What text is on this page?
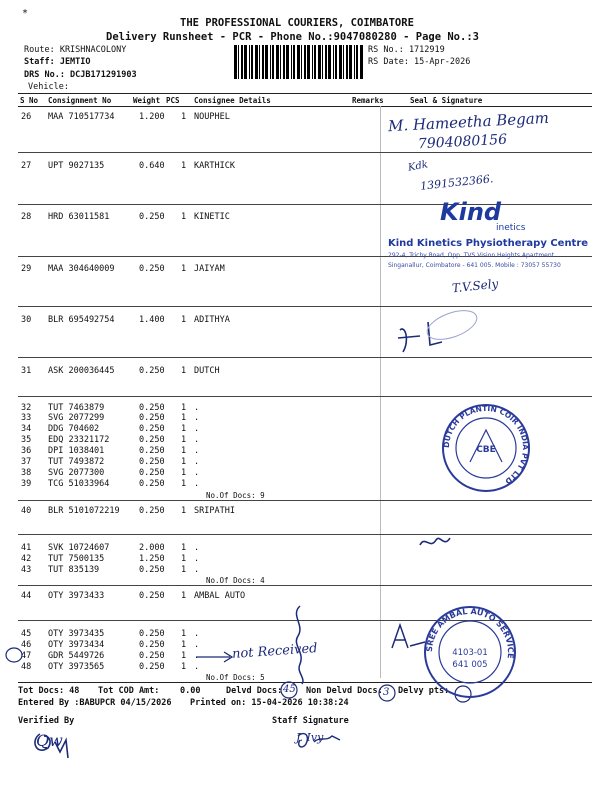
*
THE PROFESSIONAL COURIERS, COIMBATORE
Delivery Runsheet - PCR - Phone No.:9047080280 - Page No.:3
Route: KRISHNACOLONY
Staff: JEMTIO
DRS No.: DCJB171291903
Vehicle:
RS No.: 1712919
RS Date: 15-Apr-2026
S No Consignment No	Weight PCS Consignee Details	Remarks	Seal & Signature
26 MAA 710517734	1.200 1 NOUPHEL
27 UPT 9027135	0.640 1 KARTHICK
28 HRD 63011581	0.250 1 KINETIC
29 MAA 304640009	0.250 1 JAIYAM
30 BLR 695492754	1.400 1 ADITHYA
31 ASK 200036445	0.250 1 DUTCH
32 TUT 7463879	0.250 1 .
33 SVG 2077299	0.250 1 .
34 DDG 704602	0.250 1 .
35 EDQ 23321172	0.250 1 .
36 DPI 1038401	0.250 1 .
37 TUT 7493872	0.250 1 .
38 SVG 2077300	0.250 1 .
39 TCG 51033964	0.250 1 .
No.Of Docs: 9
40 BLR 5101072219 0.250 1 SRIPATHI
41 SVK 10724607	2.000 1 .
42 TUT 7500135	1.250 1 .
43 TUT 835139	0.250 1 .
No.Of Docs: 4
44 OTY 3973433	0.250 1 AMBAL AUTO
45 OTY 3973435	0.250 1 .
46 OTY 3973434	0.250 1 .
47 GDR 5449726	0.250 1 .
48 OTY 3973565	0.250 1 .
No.Of Docs: 5
Tot Docs: 48 Tot COD Amt: 0.00	Delvd Docs:	Non Delvd Docs: Delvy pts:
Entered By :BABUPCR 04/15/2026 Printed on: 15-04-2026 10:38:24
Verified By	Staff Signature
M. Hameetha Begam
7904080156
Kdk
1391532366.
T.V.Sely
Kind
inetics
Kind Kinetics Physiotherapy Centre
292-4, Trichy Road, Opp. TVS Vision Heights Apartment
Singanallur, Coimbatore - 641 005. Mobile : 73057 55730
not Received
45	3
Qw	J. Ivy
DUTCH PLANTIN COIR INDIA PVT LTD
CBE
SREE AMBAL AUTO SERVICE
4103-01
641 005
